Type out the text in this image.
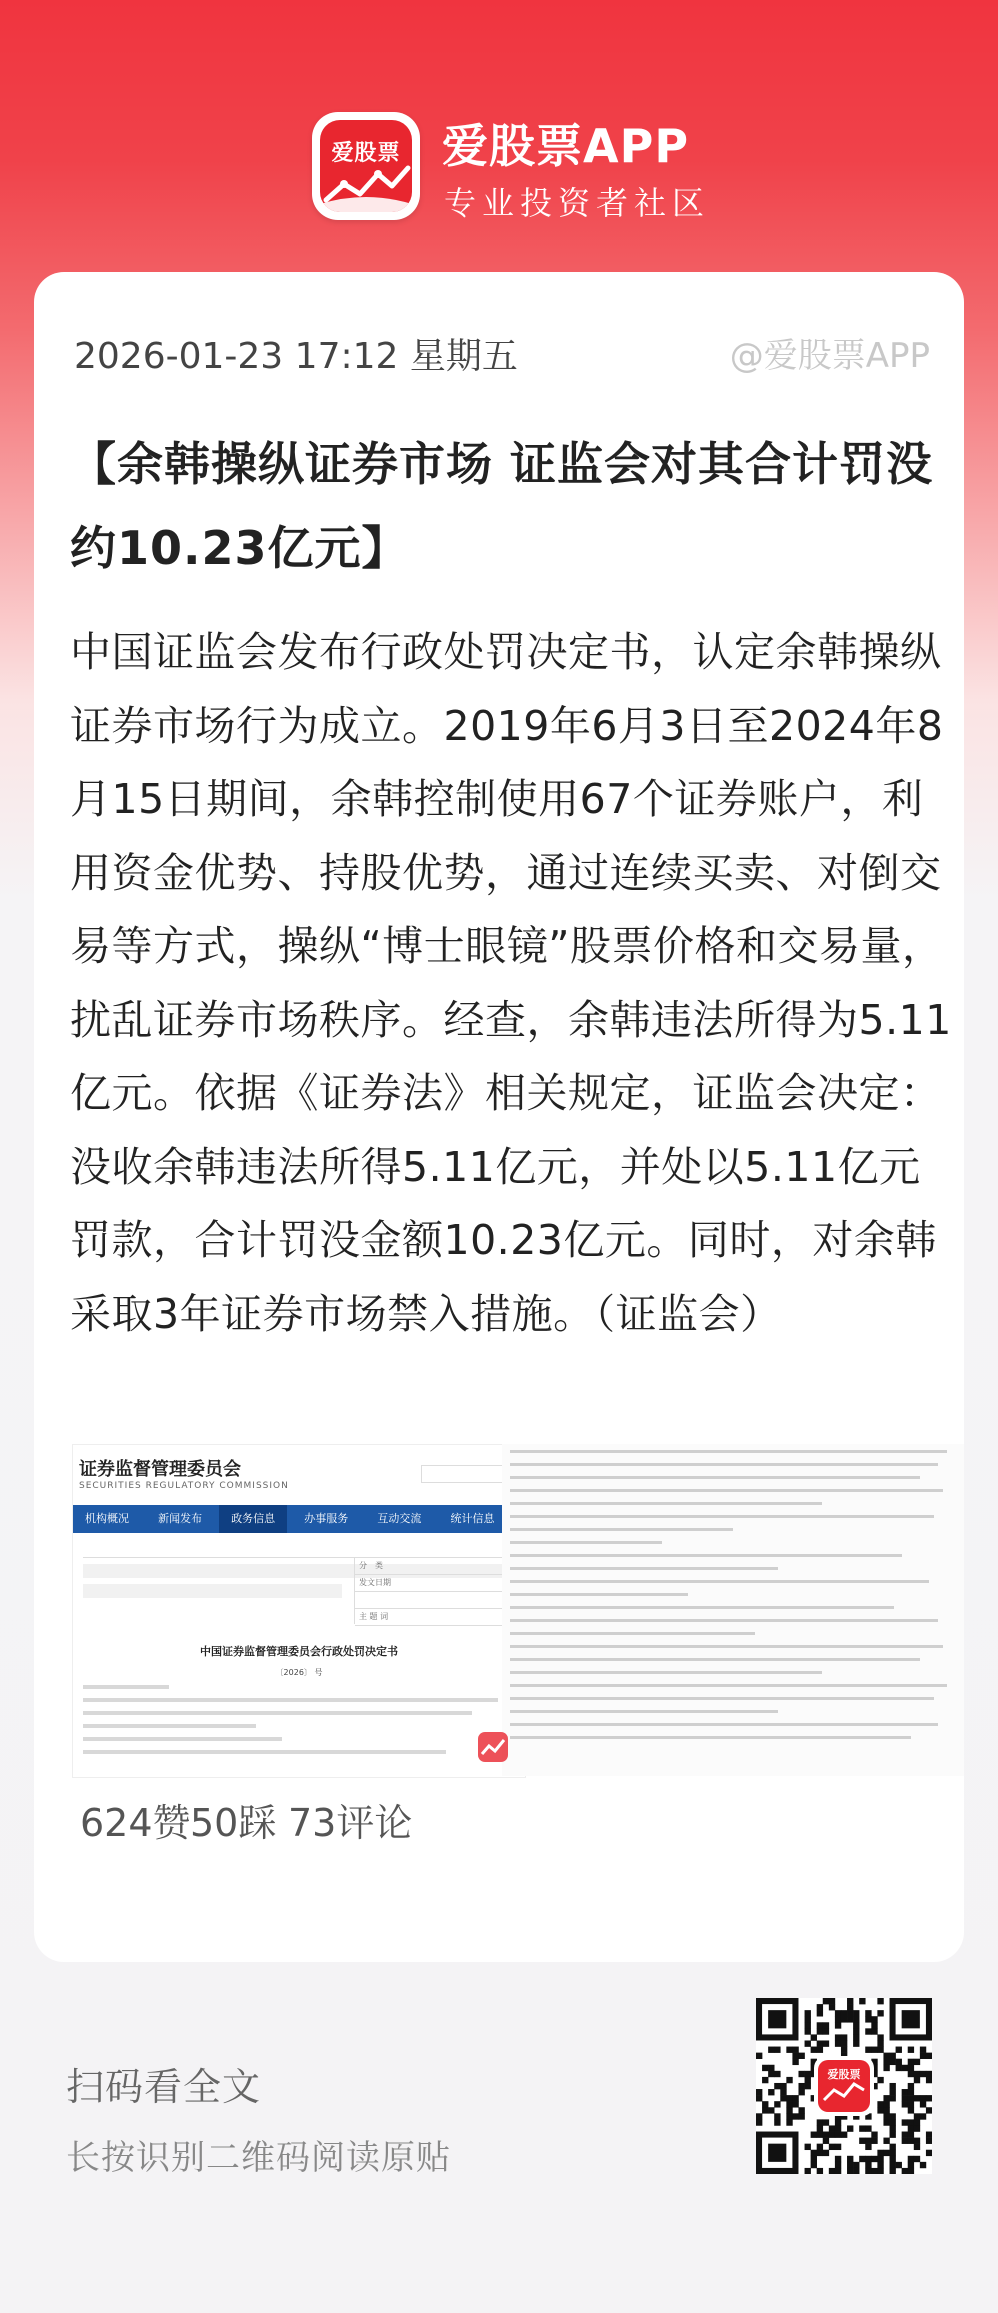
爱股票 爱股票APP
专业投资者社区
2026-01-23 17:12 星期五	@爱股票APP
【余韩操纵证券市场 证监会对其合计罚没约10.23亿元】
中国证监会发布行政处罚决定书，认定余韩操纵证券市场行为成立。2019年6月3日至2024年8月15日期间，余韩控制使用67个证券账户，利用资金优势、持股优势，通过连续买卖、对倒交易等方式，操纵“博士眼镜”股票价格和交易量，扰乱证券市场秩序。经查，余韩违法所得为5.11亿元。依据《证券法》相关规定，证监会决定：没收余韩违法所得5.11亿元，并处以5.11亿元罚款，合计罚没金额10.23亿元。同时，对余韩采取3年证券市场禁入措施。（证监会）
证券监督管理委员会
SECURITIES REGULATORY COMMISSION
机构概况	新闻发布	政务信息	办事服务	互动交流	统计信息
分　类
发文日期
主 题 词
中国证券监督管理委员会行政处罚决定书
〔2026〕 号
624赞 50踩 73评论
扫码看全文
长按识别二维码阅读原贴
爱股票
